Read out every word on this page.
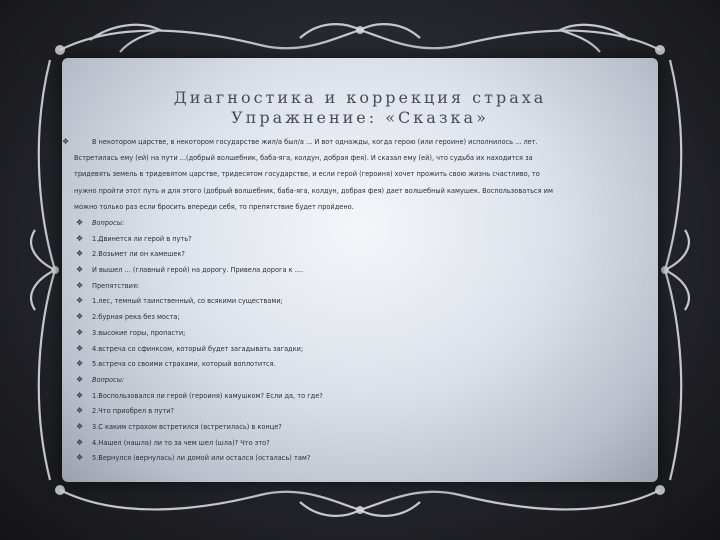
Диагностика и коррекция страха
Упражнение: «Сказка»
❖	В некотором царстве, в некотором государстве жил/а был/а ... И вот однажды, когда герою (или героине) исполнилось ... лет.
Встретилась ему (ей) на пути ...(добрый волшебник, баба-яга, колдун, добрая фея). И сказал ему (ей), что судьба их находится за
тридевять земель в тридевятом царстве, тридесятом государстве, и если герой (героиня) хочет прожить свою жизнь счастливо, то
нужно пройти этот путь и для этого (добрый волшебник, баба-яга, колдун, добрая фея) дает волшебный камушек. Воспользоваться им
можно только раз если бросить впереди себя, то препятствие будет пройдено.
❖ Вопросы:
❖ 1.Двинется ли герой в путь?
❖ 2.Возьмет ли он камешек?
❖ И вышел ... (главный герой) на дорогу. Привела дорога к ....
❖ Препятствия:
❖ 1.лес, темный таинственный, со всякими существами;
❖ 2.бурная река без моста;
❖ 3.высокие горы, пропасти;
❖ 4.встреча со сфинксом, который будет загадывать загадки;
❖ 5.встреча со своими страхами, который воплотится.
❖ Вопросы:
❖ 1.Воспользовался ли герой (героиня) камушком? Если да, то где?
❖ 2.Что приобрел в пути?
❖ 3.С каким страхом встретился (встретилась) в конце?
❖ 4.Нашел (нашла) ли то за чем шел (шла)? Что это?
❖ 5.Вернулся (вернулась) ли домой или остался (осталась) там?
